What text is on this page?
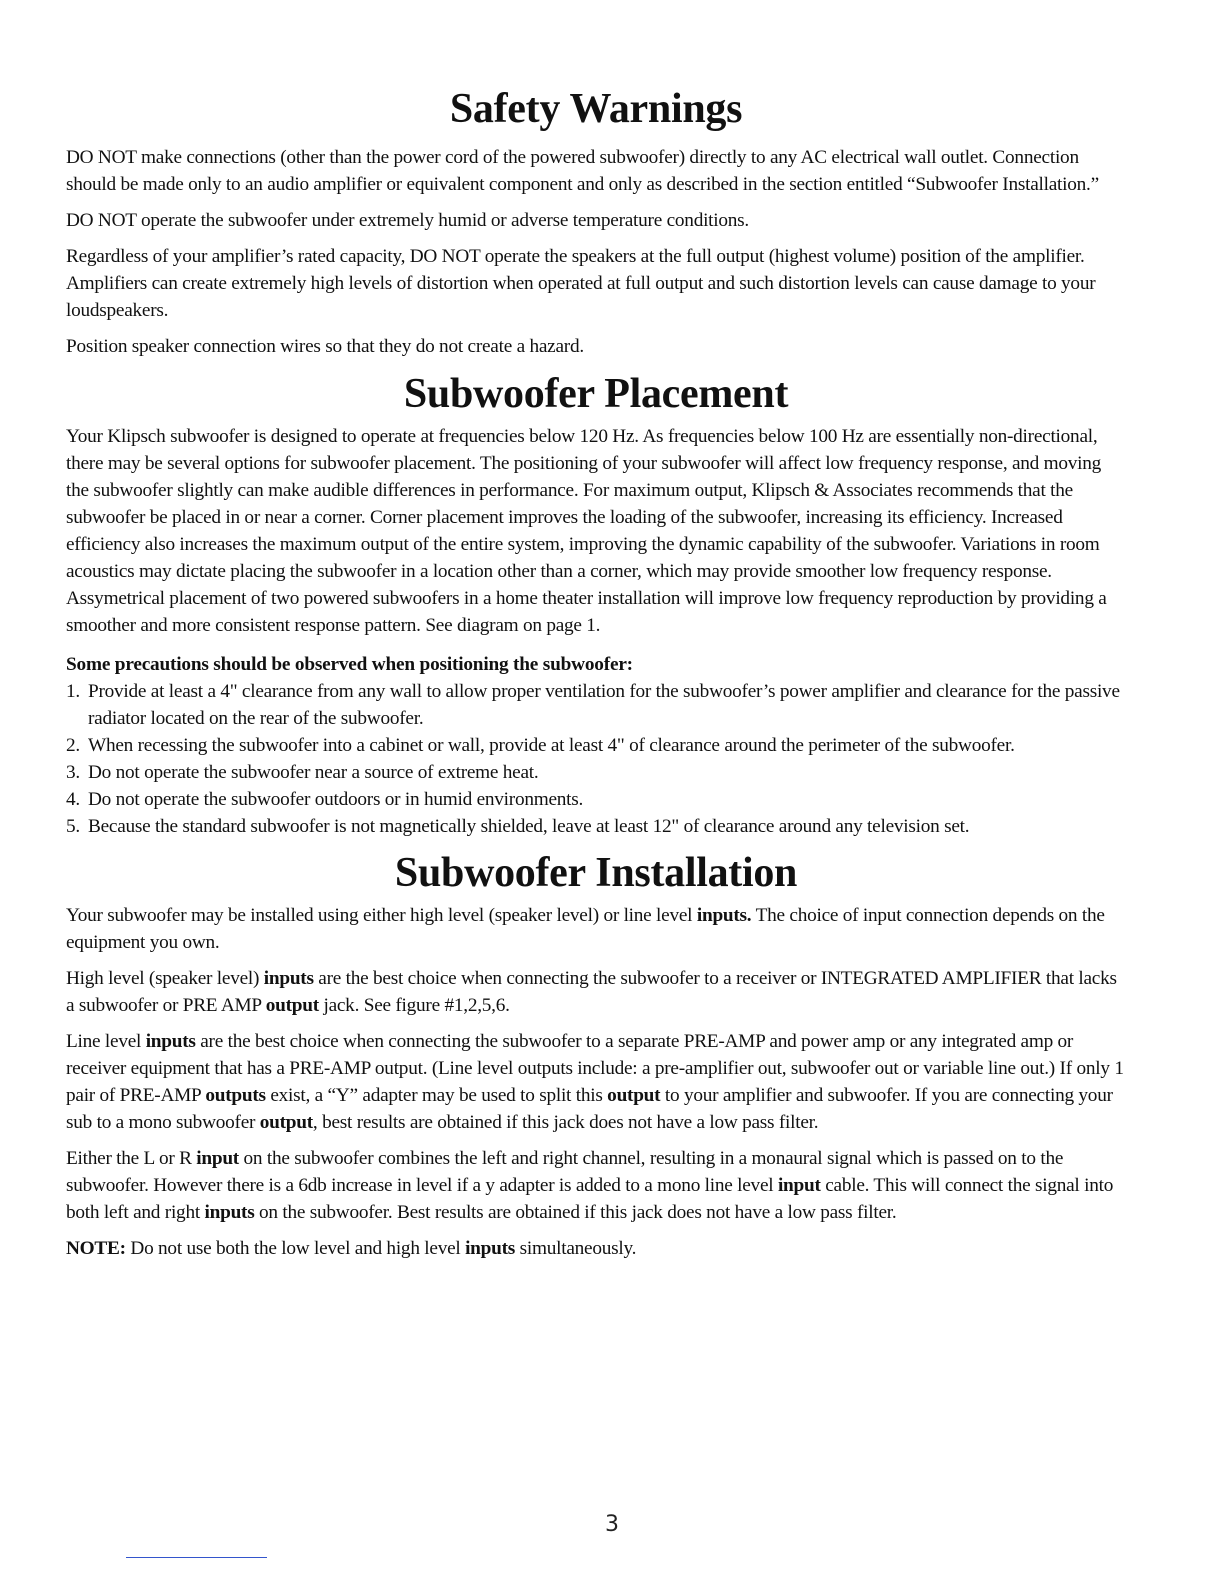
Safety Warnings

DO NOT make connections (other than the power cord of the powered subwoofer) directly to any AC electrical wall outlet. Connection should be made only to an audio amplifier or equivalent component and only as described in the section entitled “Subwoofer Installation.”

DO NOT operate the subwoofer under extremely humid or adverse temperature conditions.

Regardless of your amplifier’s rated capacity, DO NOT operate the speakers at the full output (highest volume) position of the amplifier. Amplifiers can create extremely high levels of distortion when operated at full output and such distortion levels can cause damage to your loudspeakers.

Position speaker connection wires so that they do not create a hazard.

Subwoofer Placement

Your Klipsch subwoofer is designed to operate at frequencies below 120 Hz. As frequencies below 100 Hz are essentially non-directional, there may be several options for subwoofer placement. The positioning of your subwoofer will affect low frequency response, and moving the subwoofer slightly can make audible differences in performance. For maximum output, Klipsch & Associates recommends that the subwoofer be placed in or near a corner. Corner placement improves the loading of the subwoofer, increasing its efficiency. Increased efficiency also increases the maximum output of the entire system, improving the dynamic capability of the subwoofer. Variations in room acoustics may dictate placing the subwoofer in a location other than a corner, which may provide smoother low frequency response. Assymetrical placement of two powered subwoofers in a home theater installation will improve low frequency reproduction by providing a smoother and more consistent response pattern. See diagram on page 1.

Some precautions should be observed when positioning the subwoofer:
1. Provide at least a 4" clearance from any wall to allow proper ventilation for the subwoofer’s power amplifier and clearance for the passive radiator located on the rear of the subwoofer.
2. When recessing the subwoofer into a cabinet or wall, provide at least 4" of clearance around the perimeter of the subwoofer.
3. Do not operate the subwoofer near a source of extreme heat.
4. Do not operate the subwoofer outdoors or in humid environments.
5. Because the standard subwoofer is not magnetically shielded, leave at least 12" of clearance around any television set.
Subwoofer Installation

Your subwoofer may be installed using either high level (speaker level) or line level inputs. The choice of input connection depends on the equipment you own.

High level (speaker level) inputs are the best choice when connecting the subwoofer to a receiver or INTEGRATED AMPLIFIER that lacks a subwoofer or PRE AMP output jack. See figure #1,2,5,6.

Line level inputs are the best choice when connecting the subwoofer to a separate PRE-AMP and power amp or any integrated amp or receiver equipment that has a PRE-AMP output. (Line level outputs include: a pre-amplifier out, subwoofer out or variable line out.) If only 1 pair of PRE-AMP outputs exist, a “Y” adapter may be used to split this output to your amplifier and subwoofer. If you are connecting your sub to a mono subwoofer output, best results are obtained if this jack does not have a low pass filter.

Either the L or R input on the subwoofer combines the left and right channel, resulting in a monaural signal which is passed on to the subwoofer. However there is a 6db increase in level if a y adapter is added to a mono line level input cable. This will connect the signal into both left and right inputs on the subwoofer. Best results are obtained if this jack does not have a low pass filter.

NOTE: Do not use both the low level and high level inputs simultaneously.

3
